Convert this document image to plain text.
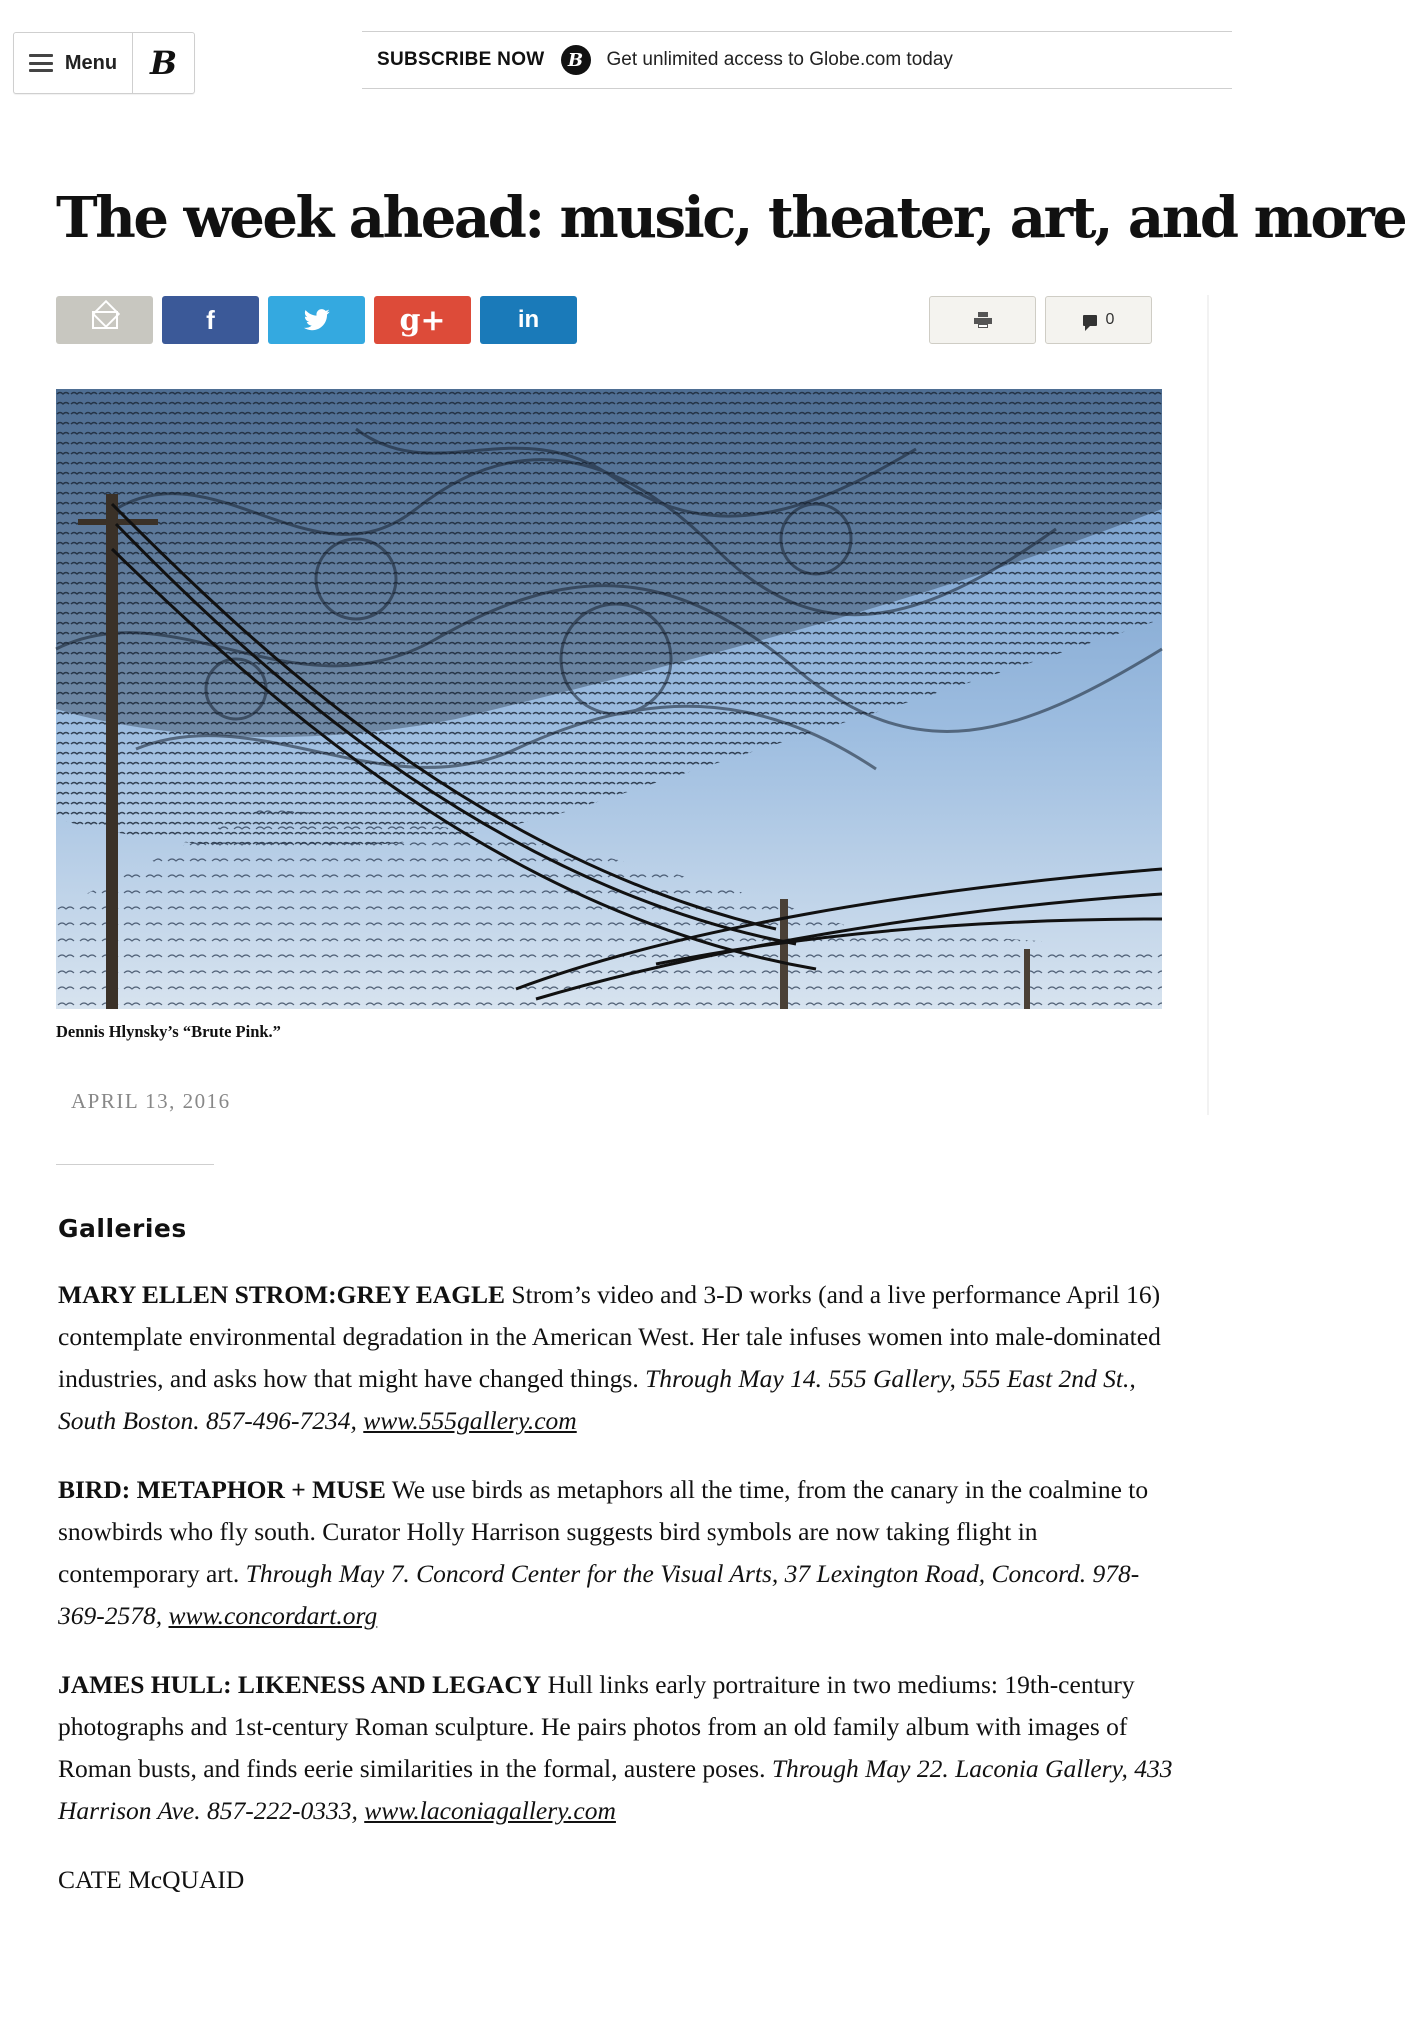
Menu B	SUBSCRIBE NOW	B	Get unlimited access to Globe.com today
The week ahead: music, theater, art, and more
f	g+	in	0
Dennis Hlynsky’s “Brute Pink.”
APRIL 13, 2016
Galleries

MARY ELLEN STROM:GREY EAGLE Strom’s video and 3-D works (and a live performance April 16) contemplate environmental degradation in the American West. Her tale infuses women into male-dominated industries, and asks how that might have changed things. Through May 14. 555 Gallery, 555 East 2nd St., South Boston. 857-496-7234, www.555gallery.com

BIRD: METAPHOR + MUSE We use birds as metaphors all the time, from the canary in the coalmine to snowbirds who fly south. Curator Holly Harrison suggests bird symbols are now taking flight in contemporary art. Through May 7. Concord Center for the Visual Arts, 37 Lexington Road, Concord. 978-369-2578, www.concordart.org

JAMES HULL: LIKENESS AND LEGACY Hull links early portraiture in two mediums: 19th-century photographs and 1st-century Roman sculpture. He pairs photos from an old family album with images of Roman busts, and finds eerie similarities in the formal, austere poses. Through May 22. Laconia Gallery, 433 Harrison Ave. 857-222-0333, www.laconiagallery.com

CATE McQUAID
